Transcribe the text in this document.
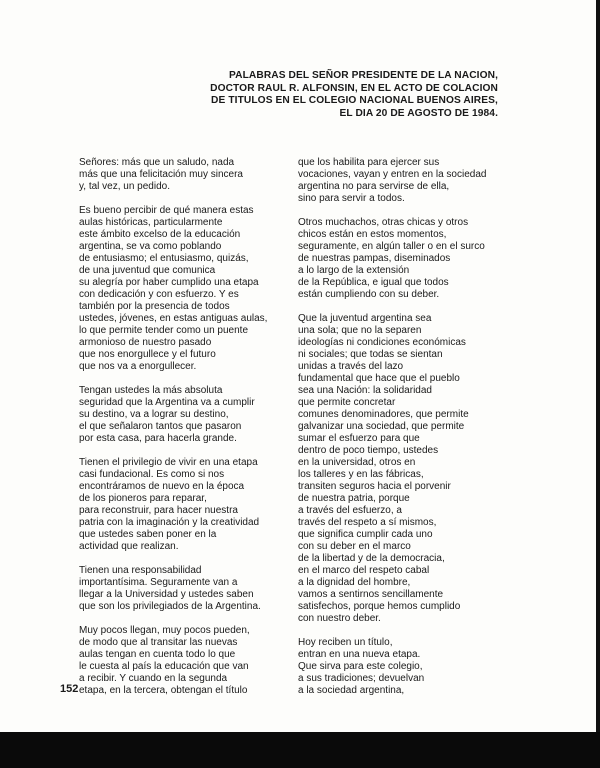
PALABRAS DEL SEÑOR PRESIDENTE DE LA NACION,
DOCTOR RAUL R. ALFONSIN, EN EL ACTO DE COLACION
DE TITULOS EN EL COLEGIO NACIONAL BUENOS AIRES,
EL DIA 20 DE AGOSTO DE 1984.
Señores: más que un saludo, nada
más que una felicitación muy sincera
y, tal vez, un pedido.
Es bueno percibir de qué manera estas
aulas históricas, particularmente
este ámbito excelso de la educación
argentina, se va como poblando
de entusiasmo; el entusiasmo, quizás,
de una juventud que comunica
su alegría por haber cumplido una etapa
con dedicación y con esfuerzo. Y es
también por la presencia de todos
ustedes, jóvenes, en estas antiguas aulas,
lo que permite tender como un puente
armonioso de nuestro pasado
que nos enorgullece y el futuro
que nos va a enorgullecer.
Tengan ustedes la más absoluta
seguridad que la Argentina va a cumplir
su destino, va a lograr su destino,
el que señalaron tantos que pasaron
por esta casa, para hacerla grande.
Tienen el privilegio de vivir en una etapa
casi fundacional. Es como si nos
encontráramos de nuevo en la época
de los pioneros para reparar,
para reconstruir, para hacer nuestra
patria con la imaginación y la creatividad
que ustedes saben poner en la
actividad que realizan.
Tienen una responsabilidad
importantísima. Seguramente van a
llegar a la Universidad y ustedes saben
que son los privilegiados de la Argentina.
Muy pocos llegan, muy pocos pueden,
de modo que al transitar las nuevas
aulas tengan en cuenta todo lo que
le cuesta al país la educación que van
a recibir. Y cuando en la segunda
etapa, en la tercera, obtengan el título
que los habilita para ejercer sus
vocaciones, vayan y entren en la sociedad
argentina no para servirse de ella,
sino para servir a todos.
Otros muchachos, otras chicas y otros
chicos están en estos momentos,
seguramente, en algún taller o en el surco
de nuestras pampas, diseminados
a lo largo de la extensión
de la República, e igual que todos
están cumpliendo con su deber.
Que la juventud argentina sea
una sola; que no la separen
ideologías ni condiciones económicas
ni sociales; que todas se sientan
unidas a través del lazo
fundamental que hace que el pueblo
sea una Nación: la solidaridad
que permite concretar
comunes denominadores, que permite
galvanizar una sociedad, que permite
sumar el esfuerzo para que
dentro de poco tiempo, ustedes
en la universidad, otros en
los talleres y en las fábricas,
transiten seguros hacia el porvenir
de nuestra patria, porque
a través del esfuerzo, a
través del respeto a sí mismos,
que significa cumplir cada uno
con su deber en el marco
de la libertad y de la democracia,
en el marco del respeto cabal
a la dignidad del hombre,
vamos a sentirnos sencillamente
satisfechos, porque hemos cumplido
con nuestro deber.
Hoy reciben un título,
entran en una nueva etapa.
Que sirva para este colegio,
a sus tradiciones; devuelvan
a la sociedad argentina,
152
